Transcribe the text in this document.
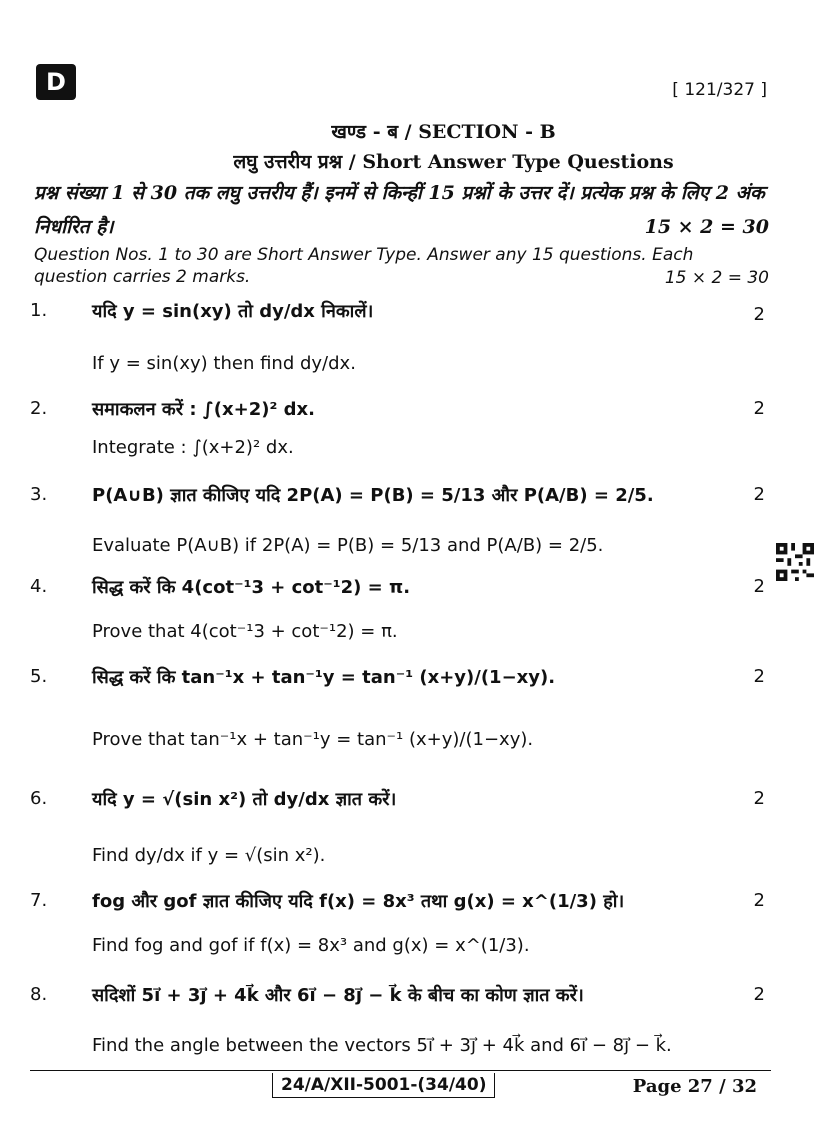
D	[ 121/327 ]
खण्ड - ब / SECTION - B
लघु उत्तरीय प्रश्न / Short Answer Type Questions
प्रश्न संख्या 1 से 30 तक लघु उत्तरीय हैं। इनमें से किन्हीं 15 प्रश्नों के उत्तर दें। प्रत्येक प्रश्न के लिए 2 अंक निर्धारित है।	15 × 2 = 30
Question Nos. 1 to 30 are Short Answer Type. Answer any 15 questions. Each question carries 2 marks.	15 × 2 = 30
1.	यदि y = sin(xy) तो dy/dx निकालें।	2
If y = sin(xy) then find dy/dx.
2.	समाकलन करें : ∫(x+2)² dx.	2
Integrate : ∫(x+2)² dx.
3.	P(A∪B) ज्ञात कीजिए यदि 2P(A) = P(B) = 5/13 और P(A/B) = 2/5.	2
Evaluate P(A∪B) if 2P(A) = P(B) = 5/13 and P(A/B) = 2/5.
4.	सिद्ध करें कि 4(cot⁻¹3 + cot⁻¹2) = π.	2
Prove that 4(cot⁻¹3 + cot⁻¹2) = π.
5.	सिद्ध करें कि tan⁻¹x + tan⁻¹y = tan⁻¹ (x+y)/(1−xy).	2
Prove that tan⁻¹x + tan⁻¹y = tan⁻¹ (x+y)/(1−xy).
6.	यदि y = √(sin x²) तो dy/dx ज्ञात करें।	2
Find dy/dx if y = √(sin x²).
7.	fog और gof ज्ञात कीजिए यदि f(x) = 8x³ तथा g(x) = x^(1/3) हो।	2
Find fog and gof if f(x) = 8x³ and g(x) = x^(1/3).
8.	सदिशों 5i⃗ + 3j⃗ + 4k⃗ और 6i⃗ − 8j⃗ − k⃗ के बीच का कोण ज्ञात करें।	2
Find the angle between the vectors 5i⃗ + 3j⃗ + 4k⃗ and 6i⃗ − 8j⃗ − k⃗.
24/A/XII-5001-(34/40)	Page 27 / 32
